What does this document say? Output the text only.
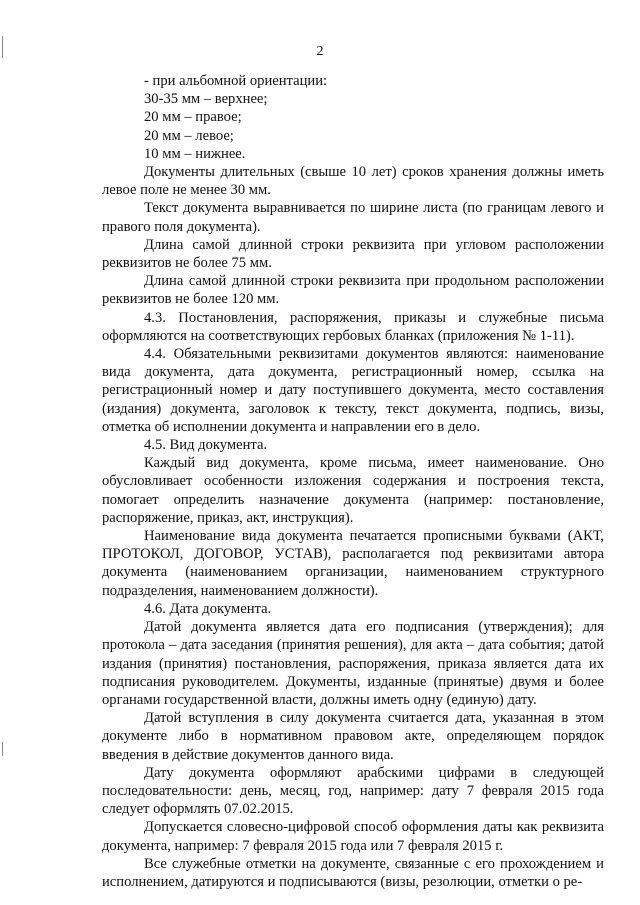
2

- при альбомной ориентации:

30-35 мм – верхнее;

20 мм – правое;

20 мм – левое;

10 мм – нижнее.

Документы длительных (свыше 10 лет) сроков хранения должны иметь левое поле не менее 30 мм.

Текст документа выравнивается по ширине листа (по границам левого и правого поля документа).

Длина самой длинной строки реквизита при угловом расположении реквизитов не более 75 мм.

Длина самой длинной строки реквизита при продольном расположении реквизитов не более 120 мм.

4.3. Постановления, распоряжения, приказы и служебные письма оформляются на соответствующих гербовых бланках (приложения № 1-11).

4.4. Обязательными реквизитами документов являются: наименование вида документа, дата документа, регистрационный номер, ссылка на регистрационный номер и дату поступившего документа, место составления (издания) документа, заголовок к тексту, текст документа, подпись, визы, отметка об исполнении документа и направлении его в дело.

4.5. Вид документа.

Каждый вид документа, кроме письма, имеет наименование. Оно обусловливает особенности изложения содержания и построения текста, помогает определить назначение документа (например: постановление, распоряжение, приказ, акт, инструкция).

Наименование вида документа печатается прописными буквами (АКТ, ПРОТОКОЛ, ДОГОВОР, УСТАВ), располагается под реквизитами автора документа (наименованием организации, наименованием структурного подразделения, наименованием должности).

4.6. Дата документа.

Датой документа является дата его подписания (утверждения); для протокола – дата заседания (принятия решения), для акта – дата события; датой издания (принятия) постановления, распоряжения, приказа является дата их подписания руководителем. Документы, изданные (принятые) двумя и более органами государственной власти, должны иметь одну (единую) дату.

Датой вступления в силу документа считается дата, указанная в этом документе либо в нормативном правовом акте, определяющем порядок введения в действие документов данного вида.

Дату документа оформляют арабскими цифрами в следующей последовательности: день, месяц, год, например: дату 7 февраля 2015 года следует оформлять 07.02.2015.

Допускается словесно-цифровой способ оформления даты как реквизита документа, например: 7 февраля 2015 года или 7 февраля 2015 г.

Все служебные отметки на документе, связанные с его прохождением и исполнением, датируются и подписываются (визы, резолюции, отметки о ре-
